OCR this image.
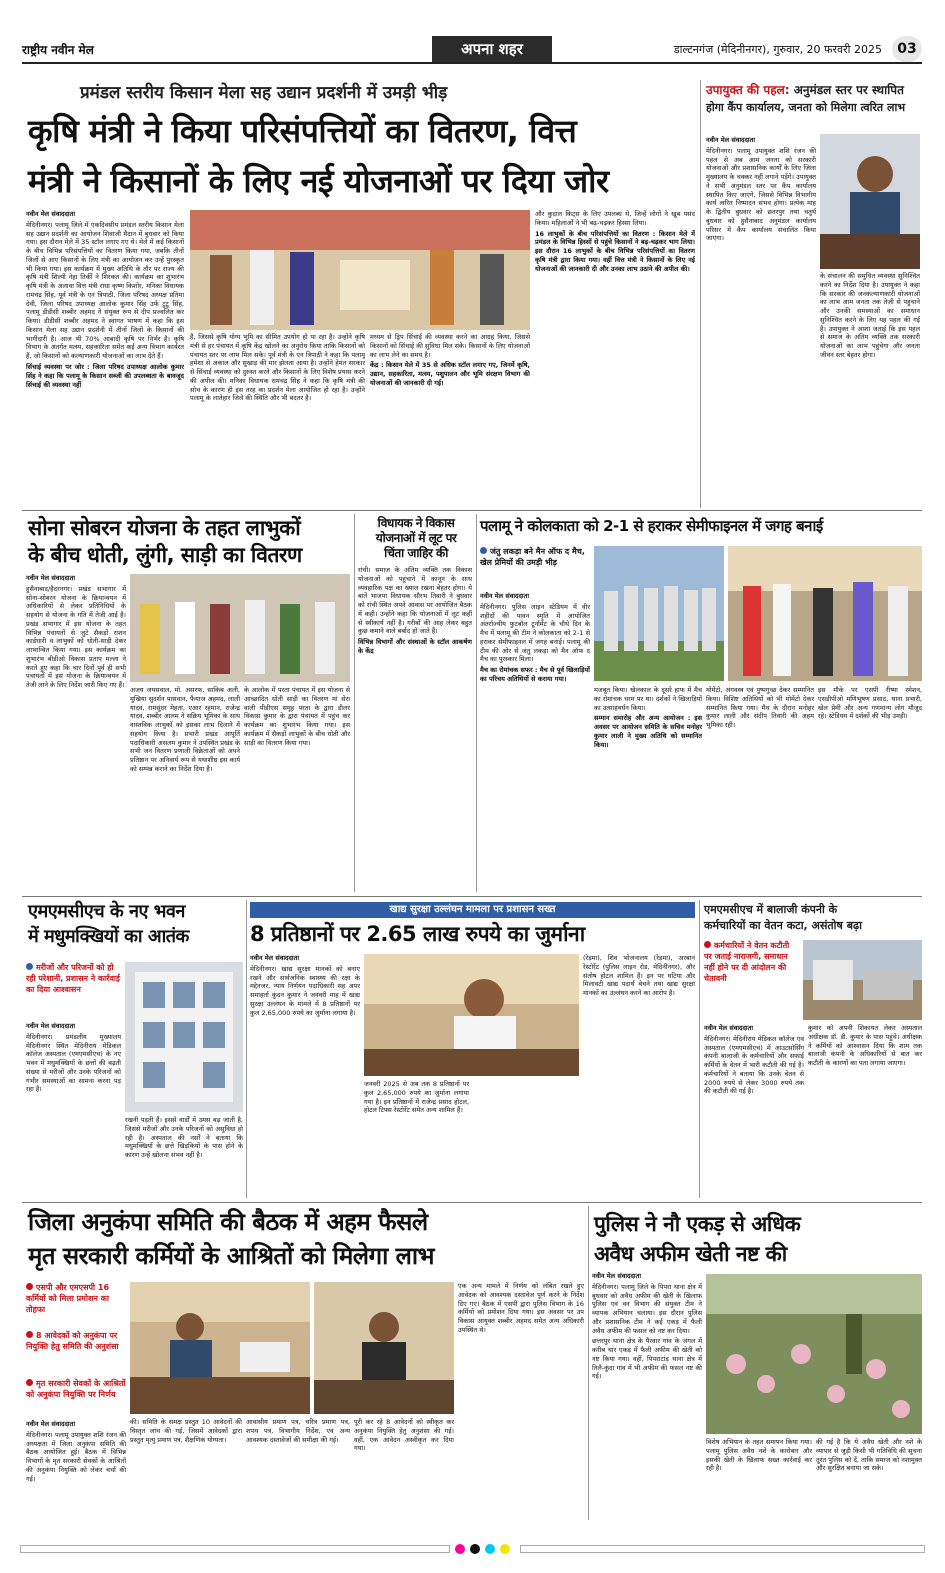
राष्ट्रीय नवीन मेल	अपना शहर	डाल्टनगंज (मेदिनीनगर), गुरुवार, 20 फरवरी 2025	03
प्रमंडल स्तरीय किसान मेला सह उद्यान प्रदर्शनी में उमड़ी भीड़
कृषि मंत्री ने किया परिसंपत्तियों का वितरण, वित्त
मंत्री ने किसानों के लिए नई योजनाओं पर दिया जोर
नवीन मेल संवाददाता

मेदिनीनगर। पलामू जिले में एकदिवसीय प्रमंडल स्तरीय किसान मेला सह उद्यान प्रदर्शनी का आयोजन शिवाजी मैदान में बुधवार को किया गया। इस दौरान मेले में 35 स्टॉल लगाए गए थे। मेले में कई किसानों के बीच विभिन्न परिसंपत्तियों का वितरण किया गया, जबकि तीनों जिलों से आए किसानों के लिए मंत्री का आयोजन कर उन्हें पुरस्कृत भी किया गया। इस कार्यक्रम में मुख्य अतिथि के तौर पर राज्य की कृषि मंत्री शिल्पी नेहा तिर्की ने शिरकत की। कार्यक्रम का शुभारंभ कृषि मंत्री के अलावा वित्त मंत्री राधा कृष्ण किशोर, मनिका विधायक रामचंद्र सिंह, पूर्व मंत्री के एन त्रिपाठी, जिला परिषद अध्यक्ष प्रतिमा देवी, जिला परिषद उपाध्यक्ष आलोक कुमार सिंह उर्फ टुटू सिंह, पलामू डीडीसी शब्बीर अहमद ने संयुक्त रूप से दीप प्रज्वलित कर किया। डीडीसी शब्बीर अहमद ने स्वागत भाषण में कहा कि इस किसान मेला सह उद्यान प्रदर्शनी में तीनों जिलों के किसानों की भागीदारी है। आज भी 70% आबादी कृषि पर निर्भर है। कृषि विभाग के अंतर्गत मत्स्य, सहकारिता समेत कई अन्य विभाग कार्यरत हैं, जो किसानों को कल्याणकारी योजनाओं का लाभ देते हैं।

सिंचाई व्यवस्था पर जोर : जिला परिषद उपाध्यक्ष आलोक कुमार सिंह ने कहा कि पलामू के किसान सब्जी की उपलब्धता के बावजूद सिंचाई की व्यवस्था नहीं

है, जिससे कृषि योग्य भूमि का सीमित उपयोग हो पा रहा है। उन्होंने कृषि मंत्री से हर पंचायत में कृषि केंद्र खोलने का अनुरोध किया ताकि किसानों को पंचायत स्तर पर लाभ मिल सके। पूर्व मंत्री के एन त्रिपाठी ने कहा कि पलामू हमेशा से अकाल और सुखाड़ की मार झेलता आया है। उन्होंने हेमंत सरकार से सिंचाई व्यवस्था को दुरुस्त करने और किसानों के लिए विशेष प्रयास करने की अपील की। मनिका विधायक रामचंद्र सिंह ने कहा कि कृषि मंत्री की सोच के कारण ही इस तरह का प्रदर्शन मेला आयोजित हो रहा है। उन्होंने पलामू के लातेहार जिले की स्थिति और भी बदतर है।

मध्यम से ड्रिप सिंचाई की व्यवस्था करने का आग्रह किया, जिससे किसानों को सिंचाई की सुविधा मिल सके। किसानों के लिए योजनाओं का लाभ लेने का समय है।

केंद्र : किसान मेले में 35 से अधिक स्टॉल लगाए गए, जिनमें कृषि, उद्यान, सहकारिता, मत्स्य, पशुपालन और भूमि संरक्षण विभाग की योजनाओं की जानकारी दी गई।

और कुदाल किट्स के लिए उपलब्ध थे, जिन्हें लोगों ने खूब पसंद किया। महिलाओं ने भी बढ़-चढ़कर हिस्सा लिया।

16 लाभुकों के बीच परिसंपत्तियों का वितरण : किसान मेले में प्रमंडल के विभिन्न हिस्सों से पहुंचे किसानों ने बढ़-चढ़कर भाग लिया। इस दौरान 16 लाभुकों के बीच विभिन्न परिसंपत्तियों का वितरण कृषि मंत्री द्वारा किया गया। वहीं वित्त मंत्री ने किसानों के लिए नई योजनाओं की जानकारी दी और उनका लाभ उठाने की अपील की।

उपायुक्त की पहल: अनुमंडल स्तर पर स्थापित
होगा कैंप कार्यालय, जनता को मिलेगा त्वरित लाभ
नवीन मेल संवाददाता

मेदिनीनगर। पलामू उपायुक्त शशि रंजन की पहल से अब आम जनता को सरकारी योजनाओं और प्रशासनिक कार्यों के लिए जिला मुख्यालय के चक्कर नहीं लगाने पड़ेंगे। उपायुक्त ने सभी अनुमंडल स्तर पर कैंप कार्यालय स्थापित किए जाएंगे, जिससे विभिन्न विभागीय कार्य त्वरित निष्पादन संभव होगा। प्रत्येक माह के द्वितीय बुधवार को छतरपुर तथा चतुर्थ बुधवार को हुसैनाबाद अनुमंडल कार्यालय परिसर में कैंप कार्यालय संचालित किया जाएगा।

के संचालन की समुचित व्यवस्था सुनिश्चित करने का निर्देश दिया है। उपायुक्त ने कहा कि सरकार की जनकल्याणकारी योजनाओं का लाभ आम जनता तक तेजी से पहुंचाने और उनकी समस्याओं का समाधान सुनिश्चित करने के लिए यह पहल की गई है। उपायुक्त ने आशा जताई कि इस पहल से समाज के अंतिम व्यक्ति तक सरकारी योजनाओं का लाभ पहुंचेगा और जनता जीवन स्तर बेहतर होगा।

सोना सोबरन योजना के तहत लाभुकों
के बीच धोती, लुंगी, साड़ी का वितरण
नवीन मेल संवाददाता

हुसैनाबाद/हैदरनगर। प्रखंड सभागार में सोना-सोबरन योजना के क्रियान्वयन में अधिकारियों से लेकर प्रतिनिधियों के सहयोग से योजना के गति में तेजी आई है। प्रखंड सभागार में इस योजना के तहत विभिन्न पंचायतों से जुटे सैकड़ों राशन कार्डधारी व लाभुकों को धोती-साड़ी देकर लाभान्वित किया गया। इस कार्यक्रम का शुभारंभ बीडीओ विकास प्रताप मल्ला ने करते हुए कहा कि चार दिनों पूर्व ही सभी पंचायतों में इस योजना के क्रियान्वयन में तेजी लाने के लिए निर्देश जारी किए गए हैं।

अजय जयसवाल, मो. असरफ, साकिब अली, मुखिया सुदर्शन पासवान, फैयाज अहमद, लाली यादव, रामसुंदर मेहता, एआर रहमान, राजेन्द्र यादव, शब्बीर आलम ने सक्रिय भूमिका के साथ वास्तविक लाभुकों को इसका लाभ दिलाने में सहयोग किया है। प्रभारी प्रखंड आपूर्ति पदाधिकारी असलम कुमार ने उपस्थित प्रखंड के सभी जन वितरण प्रणाली विक्रेताओं को अपने प्रतिष्ठान पर अनिवार्य रूप से यथाशीघ्र इस कार्य को सम्पन्न कराने का निर्देश दिया है।

के आलोक में परता पंचायत में इस योजना से आच्छादित धोती साड़ी का वितरण मां सेरा वाली पीडीएस समूह परता के द्वारा डीलर विकास कुमार के द्वारा पंचायत में पहुंच कर कार्यक्रम का शुभारंभ किया गया। इस कार्यक्रम में सैकड़ों लाभुकों के बीच धोती और साड़ी का वितरण किया गया।

विधायक ने विकास
योजनाओं में लूट पर
चिंता जाहिर की

रांची। समाज के अंतिम व्यक्ति तक विकास योजनाओं को पहुंचाने में कानून के साथ व्यवहारिक पक्ष का ख्याल रखना बेहतर होगा। ये बातें भाजपा विधायक सौरभ तिवारी ने बुधवार को रांची स्थित अपने आवास पर आयोजित बैठक में कही। उन्होंने कहा कि योजनाओं में लूट कहीं से स्वीकार्य नहीं है। गरीबों की आह लेकर बहुत कुछ कमाने वाले बर्बाद हो जाते हैं।

विभिन्न विभागों और संस्थाओं के स्टॉल आकर्षण के केंद्र

पलामू ने कोलकाता को 2-1 से हराकर सेमीफाइनल में जगह बनाई
जंतु लकड़ा बने मैन ऑफ द मैच, खेल प्रेमियों की उमड़ी भीड़
नवीन मेल संवाददाता

मेदिनीनगर। पुलिस लाइन स्टेडियम में वीर शहीदों की पावन स्मृति में आयोजित अंतर्राज्यीय फुटबॉल टूर्नामेंट के चौथे दिन के मैच में पलामू की टीम ने कोलकाता को 2-1 से हराकर सेमीफाइनल में जगह बनाई। पलामू की टीम की ओर से जंतु लकड़ा को मैन ऑफ द मैच का पुरस्कार मिला।

मैच का रोमांचक सफर : मैच से पूर्व खिलाड़ियों का परिचय अतिथियों से कराया गया।

मजबूत किया। खेलकाल के दूसरे हाफ में मैच का रोमांचक चरम पर था। दर्शकों ने खिलाड़ियों का उत्साहवर्धन किया।

सम्मान समारोह और अन्य आयोजन : इस अवसर पर आयोजन समिति के सचिव मनोहर कुमार लाली ने मुख्य अतिथि को सम्मानित किया।

मोमेंटो, अंगवस्त्र एवं पुष्पगुच्छ देकर सम्मानित किया। विशिष्ट अतिथियों को भी मोमेंटो देकर सम्मानित किया गया। मैच के दौरान मनोहर कुमार लाली और संदीप तिवारी की अहम भूमिका रही।

इस मौके पर एसपी रीष्मा रमेशन, एसडीपीओ मणिभूषण प्रसाद, थाना प्रभारी, खेल प्रेमी और अन्य गणमान्य लोग मौजूद रहे। स्टेडियम में दर्शकों की भीड़ उमड़ी।

एमएमसीएच के नए भवन
में मधुमक्खियों का आतंक
मरीजों और परिजनों को हो रही परेशानी, प्रशासन ने कार्रवाई का दिया आश्वासन
नवीन मेल संवाददाता

मेदिनीनगर। प्रमंडलीय मुख्यालय मेदिनीनगर स्थित मेदिनीराय मेडिकल कॉलेज अस्पताल (एमएमसीएच) के नए भवन में मधुमक्खियों के छत्तों की बढ़ती संख्या से मरीजों और उनके परिजनों को गंभीर समस्याओं का सामना करना पड़ रहा है।

रखनी पड़ती हैं। इससे वार्डों में उमस बढ़ जाती है, जिससे मरीजों और उनके परिजनों को असुविधा हो रही है। अस्पताल की नर्सों ने बताया कि मधुमक्खियों के छत्ते खिड़कियों के पास होने के कारण उन्हें खोलना संभव नहीं है।

खाद्य सुरक्षा उल्लंघन मामला पर प्रशासन सख्त
8 प्रतिष्ठानों पर 2.65 लाख रुपये का जुर्माना
नवीन मेल संवाददाता

मेदिनीनगर। खाद्य सुरक्षा मानकों को बनाए रखने और सार्वजनिक स्वास्थ्य की रक्षा के मद्देनजर, न्याय निर्णयन पदाधिकारी सह अपर समाहर्ता कुंदन कुमार ने जनवरी माह में खाद्य सुरक्षा उल्लंघन के मामले में 8 प्रतिष्ठानों पर कुल 2,65,000 रुपये का जुर्माना लगाया है।

जनवरी 2025 से अब तक 8 प्रतिष्ठानों पर कुल 2,65,000 रुपये का जुर्माना लगाया गया है। इन प्रतिष्ठानों में राजेन्द्र प्रसाद होटल, होटल टिफ्स रेस्टोरेंट समेत अन्य शामिल हैं।

(रेड़मा), शिव भोजनालय (रेड़मा), अरबान रेस्टोरेंट (पुलिस लाइन रोड, मेदिनीनगर), और संतोष होटल शामिल हैं। इन पर घटिया और मिलावटी खाद्य पदार्थ बेचने तथा खाद्य सुरक्षा मानकों का उल्लंघन करने का आरोप है।

एमएमसीएच में बालाजी कंपनी के
कर्मचारियों का वेतन कटा, असंतोष बढ़ा
कर्मचारियों ने वेतन कटौती पर जताई नाराजगी, समाधान नहीं होने पर दी आंदोलन की चेतावनी
नवीन मेल संवाददाता

मेदिनीनगर। मेदिनीराय मेडिकल कॉलेज एवं अस्पताल (एमएमसीएच) में आउटसोर्सिंग कंपनी बालाजी के कर्मचारियों और सफाई कर्मियों के वेतन में भारी कटौती की गई है। कर्मचारियों ने बताया कि उनके वेतन से 2000 रुपये से लेकर 3000 रुपये तक की कटौती की गई है।

कुमार को अपनी शिकायत लेकर अस्पताल अधीक्षक डॉ. डी. कुमार के पास पहुंचे। अधीक्षक ने कर्मियों को आश्वासन दिया कि शाम तक बालाजी कंपनी के अधिकारियों से बात कर कटौती के कारणों का पता लगाया जाएगा।

जिला अनुकंपा समिति की बैठक में अहम फैसले
मृत सरकारी कर्मियों के आश्रितों को मिलेगा लाभ
एसपी और एमएसपी 16 कर्मियों को मिला प्रमोशन का तोहफा
8 आवेदकों को अनुकंपा पर नियुक्ति हेतु समिति की अनुशंसा
मृत सरकारी सेवकों के आश्रितों को अनुकंपा नियुक्ति पर निर्णय
नवीन मेल संवाददाता

मेदिनीनगर। पलामू उपायुक्त शशि रंजन की अध्यक्षता में जिला अनुकंपा समिति की बैठक आयोजित हुई। बैठक में विभिन्न विभागों के मृत सरकारी सेवकों के आश्रितों की अनुकंपा नियुक्ति को लेकर चर्चा की गई।

की। समिति के समक्ष प्रस्तुत 10 आवेदनों की विस्तृत जांच की गई, जिसमें आवेदकों द्वारा प्रस्तुत मृत्यु प्रमाण पत्र, शैक्षणिक योग्यता।

आवासीय प्रमाण पत्र, चरित्र प्रमाण पत्र, शपथ पत्र, विभागीय निर्देश, एवं अन्य आवश्यक दस्तावेजों की समीक्षा की गई।

पूरी कर रहे 8 आवेदनों को स्वीकृत कर अनुकंपा नियुक्ति हेतु अनुशंसा की गई। वहीं, एक आवेदन अस्वीकृत कर दिया गया।

एक अन्य मामले में निर्णय को लंबित रखते हुए आवेदक को आवश्यक दस्तावेज पूर्ण करने के निर्देश दिए गए। बैठक में एसपी द्वारा पुलिस विभाग के 16 कर्मियों को प्रमोशन दिया गया। इस अवसर पर उप विकास आयुक्त शब्बीर अहमद समेत अन्य अधिकारी उपस्थित थे।

पुलिस ने नौ एकड़ से अधिक
अवैध अफीम खेती नष्ट की
नवीन मेल संवाददाता

मेदिनीनगर। पलामू जिले के पिपरा थाना क्षेत्र में बुधवार को अवैध अफीम की खेती के खिलाफ पुलिस एवं वन विभाग की संयुक्त टीम ने व्यापक अभियान चलाया। इस दौरान पुलिस और प्रशासनिक टीम ने कई एकड़ में फैली अवैध अफीम की फसल को नष्ट कर दिया।

छत्तरपुर थाना क्षेत्र के पैरवार गांव के जंगल में करीब चार एकड़ में फैली अफीम की खेती को नष्ट किया गया। वहीं, पिपराटांड़ थाना क्षेत्र में तिलै-कुंदा गांव में भी अफीम की फसल नष्ट की गई।

विशेष अभियान के तहत समापन किया गया। पलामू पुलिस अवैध नशे के कारोबार और इसकी खेती के खिलाफ सख्त कार्रवाई कर रही है।

की गई है कि ये अवैध खेती और नशे के व्यापार से जुड़ी किसी भी गतिविधि की सूचना तुरंत पुलिस को दें, ताकि समाज को नशामुक्त और सुरक्षित बनाया जा सके।
